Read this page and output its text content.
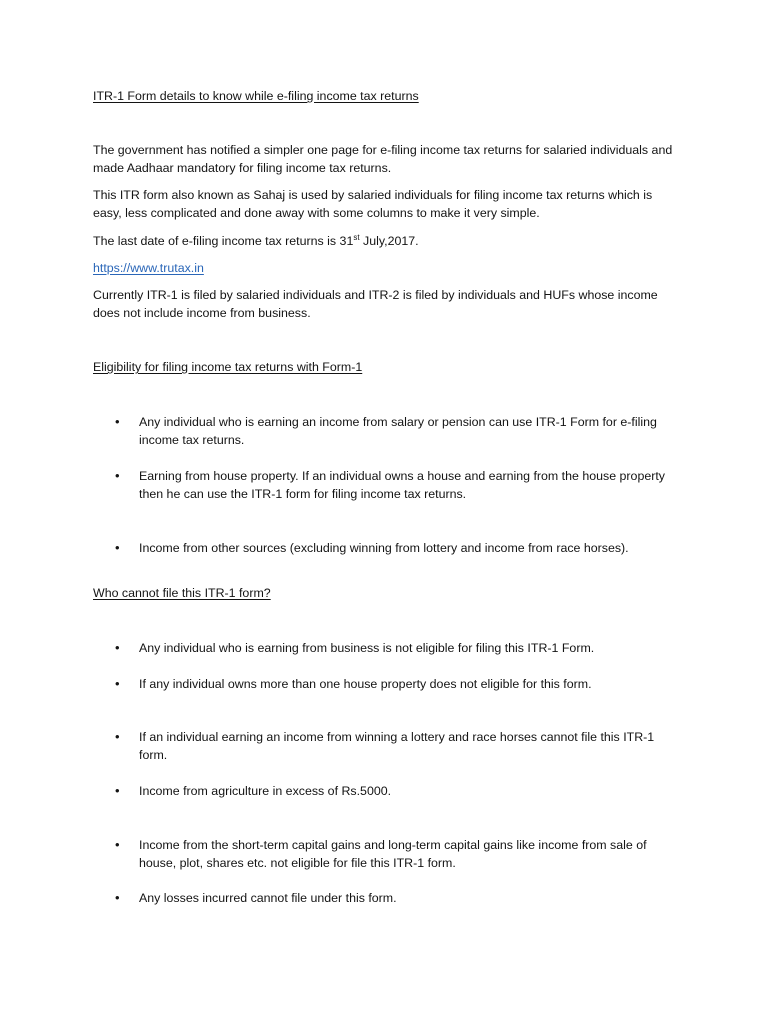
ITR-1 Form details to know while e-filing income tax returns
The government has notified a simpler one page for e-filing income tax returns for salaried individuals and made Aadhaar mandatory for filing income tax returns.
This ITR form also known as Sahaj is used by salaried individuals for filing income tax returns which is easy, less complicated and done away with some columns to make it very simple.
The last date of e-filing income tax returns is 31st July,2017.
https://www.trutax.in
Currently ITR-1 is filed by salaried individuals and ITR-2 is filed by individuals and HUFs whose income does not include income from business.
Eligibility for filing income tax returns with Form-1
•	Any individual who is earning an income from salary or pension can use ITR-1 Form for e-filing income tax returns.
•	Earning from house property. If an individual owns a house and earning from the house property then he can use the ITR-1 form for filing income tax returns.
•	Income from other sources (excluding winning from lottery and income from race horses).
Who cannot file this ITR-1 form?
•	Any individual who is earning from business is not eligible for filing this ITR-1 Form.
•	If any individual owns more than one house property does not eligible for this form.
•	If an individual earning an income from winning a lottery and race horses cannot file this ITR-1 form.
•	Income from agriculture in excess of Rs.5000.
•	Income from the short-term capital gains and long-term capital gains like income from sale of house, plot, shares etc. not eligible for file this ITR-1 form.
•	Any losses incurred cannot file under this form.
